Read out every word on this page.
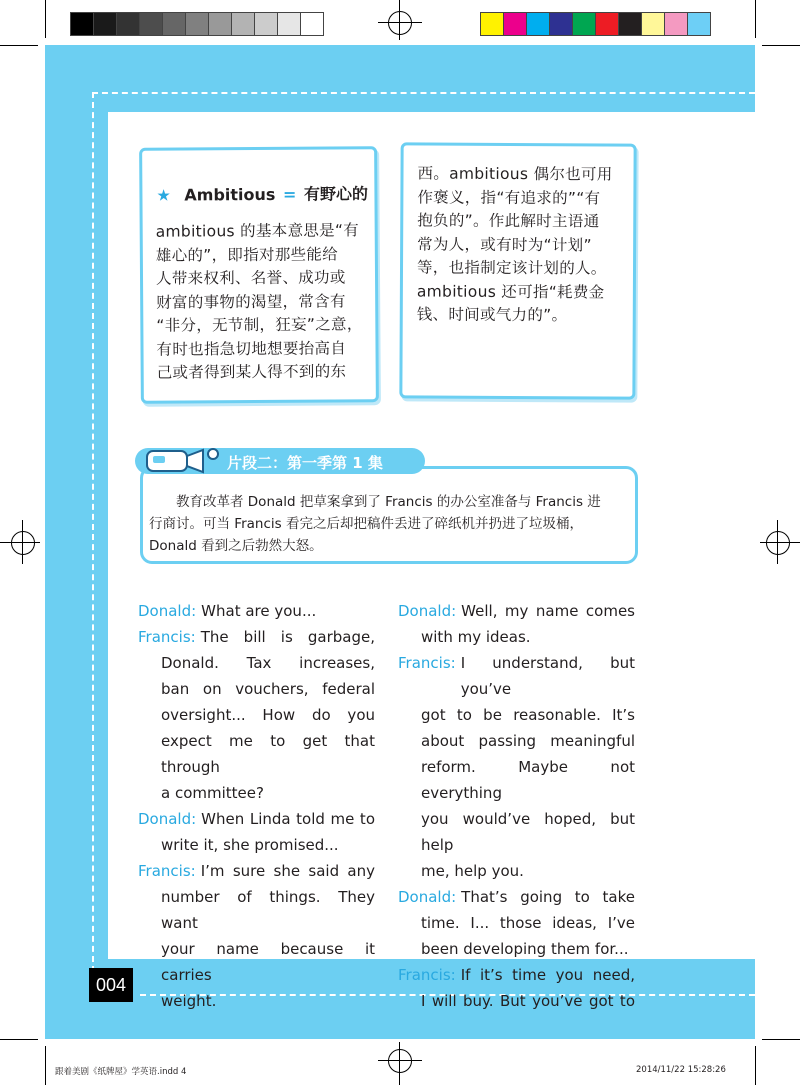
★ Ambitious = 有野心的
ambitious 的基本意思是“有
雄心的”，即指对那些能给
人带来权利、名誉、成功或
财富的事物的渴望，常含有
“非分，无节制，狂妄”之意，
有时也指急切地想要抬高自
己或者得到某人得不到的东
西。ambitious 偶尔也可用
作褒义，指“有追求的”“有
抱负的”。作此解时主语通
常为人，或有时为“计划”
等，也指制定该计划的人。
ambitious 还可指“耗费金
钱、时间或气力的”。
教育改革者 Donald 把草案拿到了 Francis 的办公室准备与 Francis 进
行商讨。可当 Francis 看完之后却把稿件丢进了碎纸机并扔进了垃圾桶，
Donald 看到之后勃然大怒。
片段二：第一季第 1 集
Donald: What are you...
Francis: The bill is garbage,
Donald. Tax increases,
ban on vouchers, federal
oversight... How do you
expect me to get that through
a committee?
Donald: When Linda told me to
write it, she promised...
Francis: I’m sure she said any
number of things. They want
your name because it carries
weight.
Donald: Well, my name comes
with my ideas.
Francis: I understand, but you’ve
got to be reasonable. It’s
about passing meaningful
reform. Maybe not everything
you would’ve hoped, but help
me, help you.
Donald: That’s going to take
time. I... those ideas, I’ve
been developing them for...
Francis: If it’s time you need,
I will buy. But you’ve got to
004
跟着美剧《纸牌屋》学英语.indd 4	2014/11/22 15:28:26
